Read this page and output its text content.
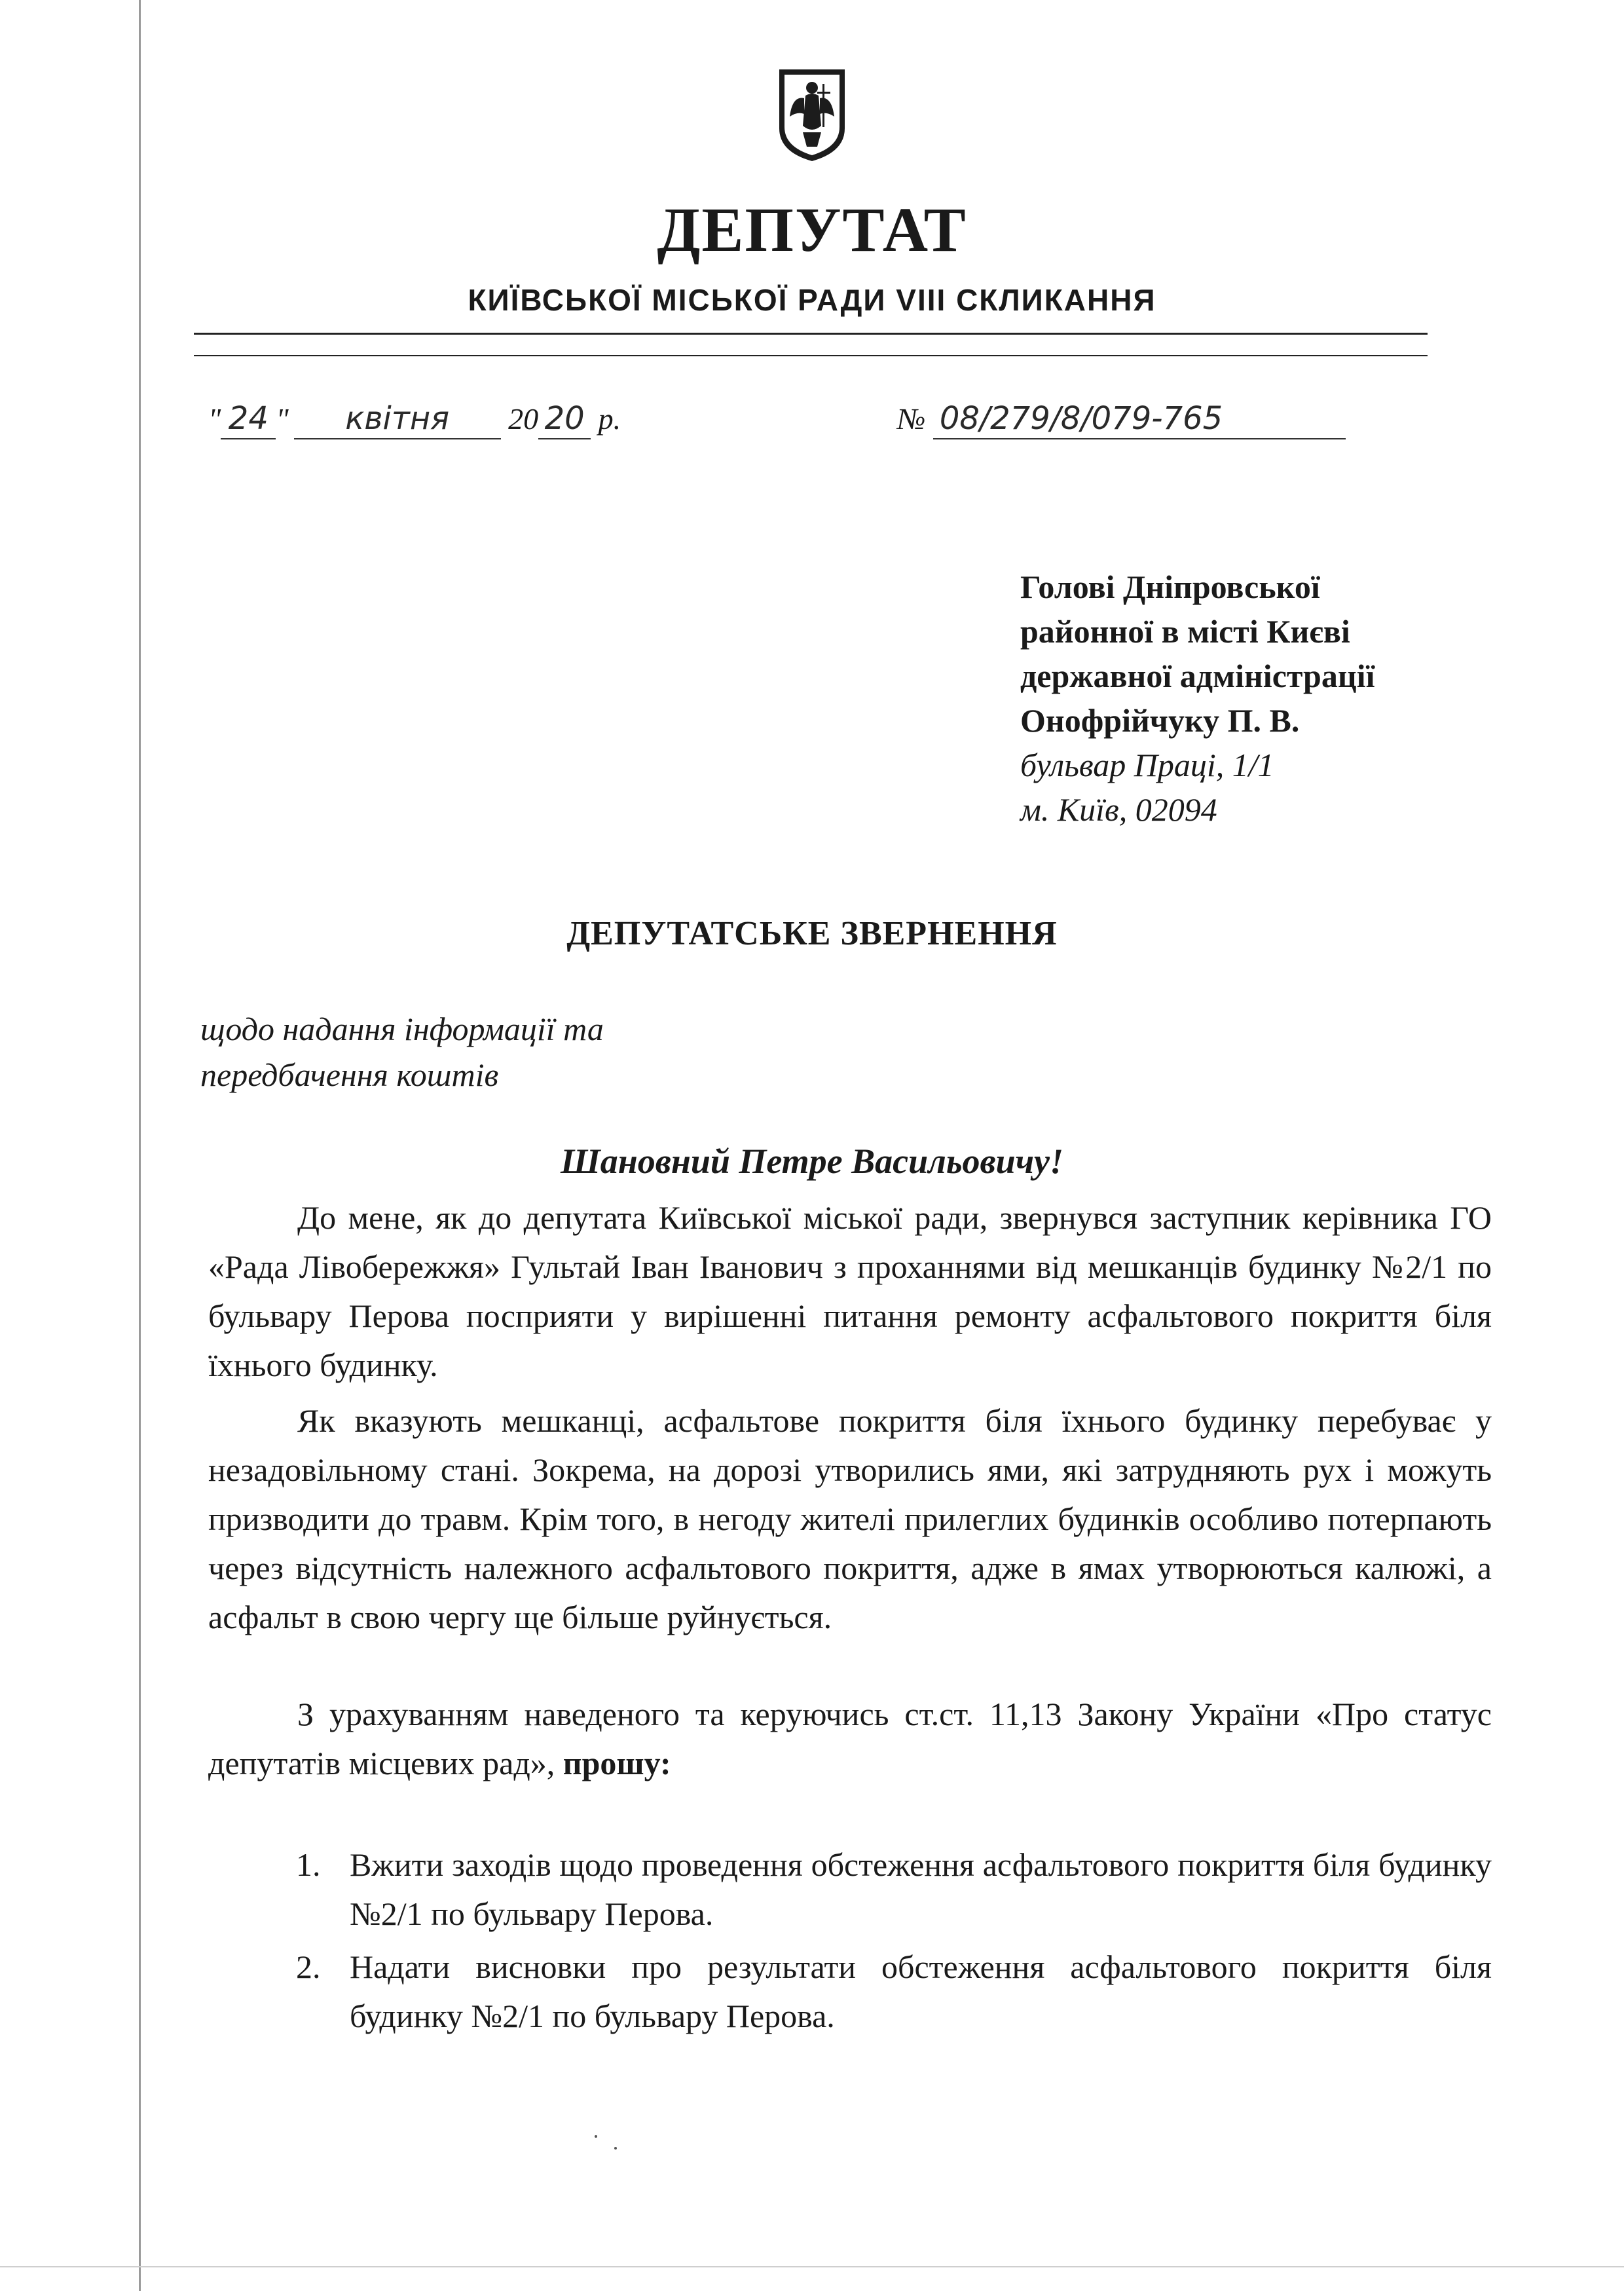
ДЕПУТАТ
КИЇВСЬКОЇ МІСЬКОЇ РАДИ VIII СКЛИКАННЯ
" 24 " квітня 20 20 р.	№ 08/279/8/079-765
Голові Дніпровської
районної в місті Києві
державної адміністрації
Онофрійчуку П. В.
бульвар Праці, 1/1
м. Київ, 02094
ДЕПУТАТСЬКЕ ЗВЕРНЕННЯ
щодо надання інформації та
передбачення коштів
Шановний Петре Васильовичу!
До мене, як до депутата Київської міської ради, звернувся заступник керівника ГО «Рада Лівобережжя» Гультай Іван Іванович з проханнями від мешканців будинку №2/1 по бульвару Перова посприяти у вирішенні питання ремонту асфальтового покриття біля їхнього будинку.
Як вказують мешканці, асфальтове покриття біля їхнього будинку перебуває у незадовільному стані. Зокрема, на дорозі утворились ями, які затрудняють рух і можуть призводити до травм. Крім того, в негоду жителі прилеглих будинків особливо потерпають через відсутність належного асфальтового покриття, адже в ямах утворюються калюжі, а асфальт в свою чергу ще більше руйнується.
З урахуванням наведеного та керуючись ст.ст. 11,13 Закону України «Про статус депутатів місцевих рад», прошу:
1. Вжити заходів щодо проведення обстеження асфальтового покриття біля будинку №2/1 по бульвару Перова.
2. Надати висновки про результати обстеження асфальтового покриття біля будинку №2/1 по бульвару Перова.
